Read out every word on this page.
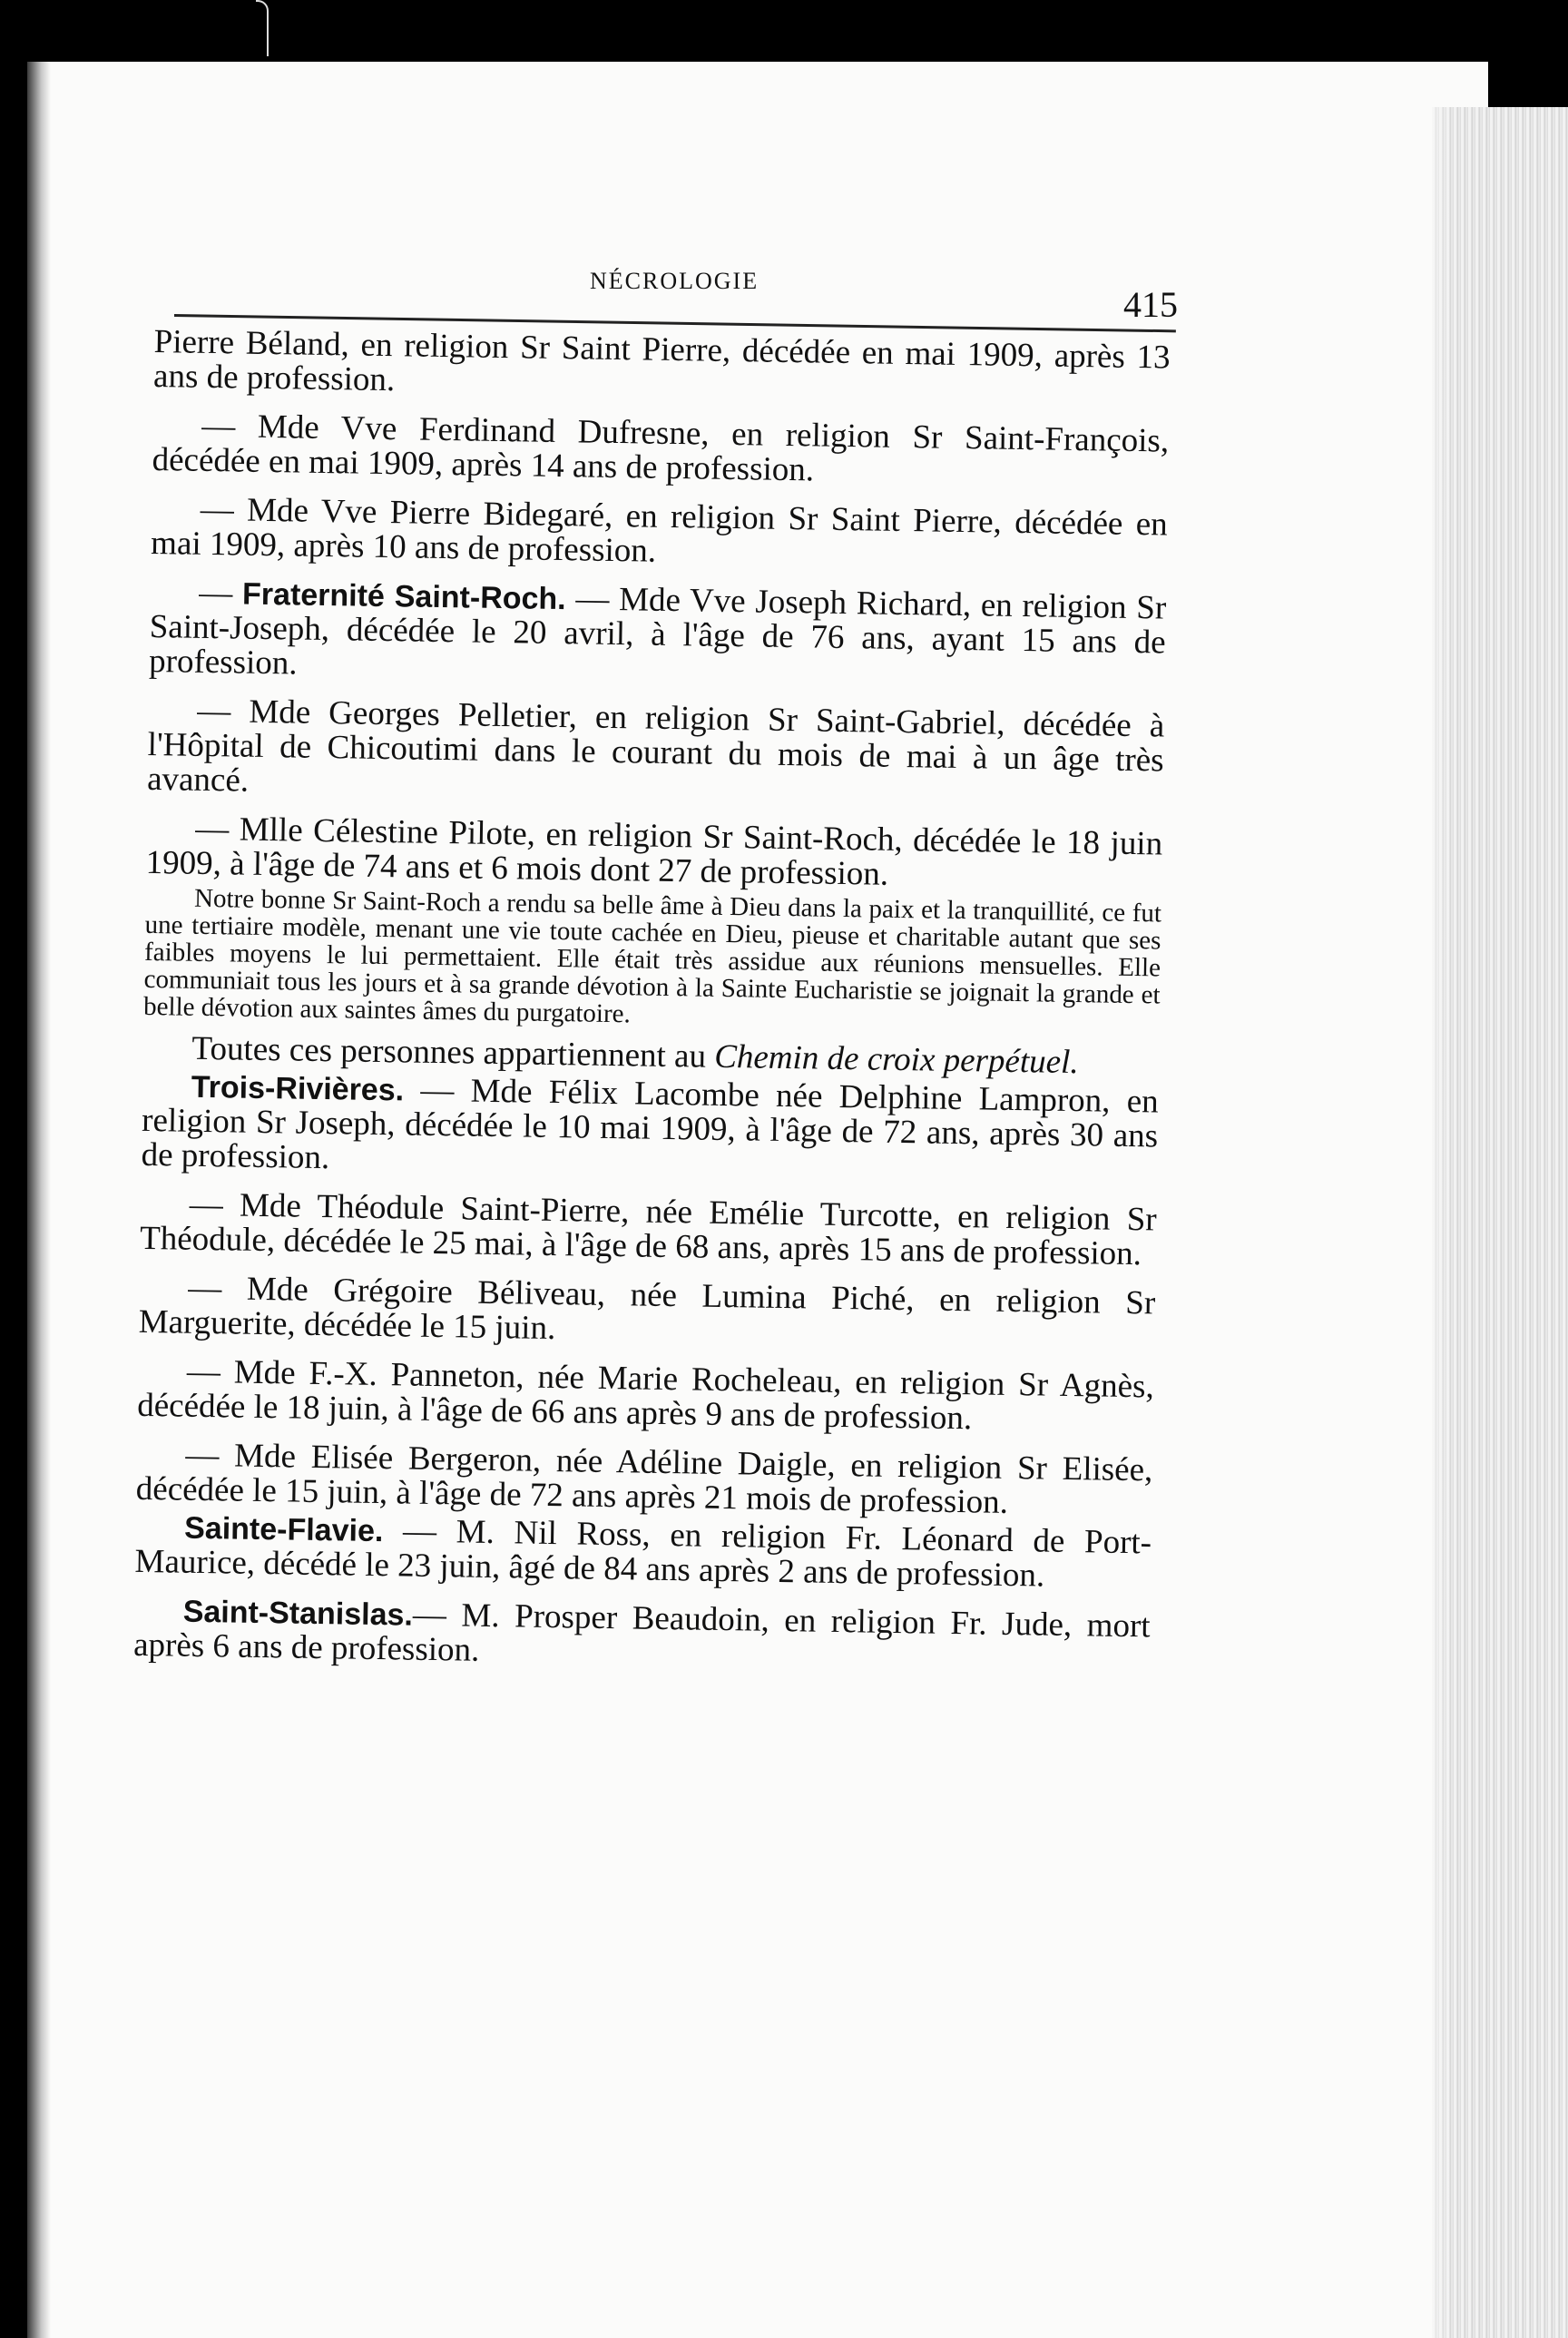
NÉCROLOGIE
415

Pierre Béland, en religion Sr Saint Pierre, décédée en mai 1909, après 13 ans de profession.

— Mde Vve Ferdinand Dufresne, en religion Sr Saint-François, décédée en mai 1909, après 14 ans de profession.

— Mde Vve Pierre Bidegaré, en religion Sr Saint Pierre, décédée en mai 1909, après 10 ans de profession.

— Fraternité Saint-Roch. — Mde Vve Joseph Richard, en religion Sr Saint-Joseph, décédée le 20 avril, à l'âge de 76 ans, ayant 15 ans de profession.

— Mde Georges Pelletier, en religion Sr Saint-Gabriel, décédée à l'Hôpital de Chicoutimi dans le courant du mois de mai à un âge très avancé.

— Mlle Célestine Pilote, en religion Sr Saint-Roch, décédée le 18 juin 1909, à l'âge de 74 ans et 6 mois dont 27 de profession.

Notre bonne Sr Saint-Roch a rendu sa belle âme à Dieu dans la paix et la tranquillité, ce fut une tertiaire modèle, menant une vie toute cachée en Dieu, pieuse et charitable autant que ses faibles moyens le lui permettaient. Elle était très assidue aux réunions mensuelles. Elle communiait tous les jours et à sa grande dévotion à la Sainte Eucharistie se joignait la grande et belle dévotion aux saintes âmes du purgatoire.

Toutes ces personnes appartiennent au Chemin de croix perpétuel.

Trois-Rivières. — Mde Félix Lacombe née Delphine Lampron, en religion Sr Joseph, décédée le 10 mai 1909, à l'âge de 72 ans, après 30 ans de profession.

— Mde Théodule Saint-Pierre, née Emélie Turcotte, en religion Sr Théodule, décédée le 25 mai, à l'âge de 68 ans, après 15 ans de profession.

— Mde Grégoire Béliveau, née Lumina Piché, en religion Sr Marguerite, décédée le 15 juin.

— Mde F.-X. Panneton, née Marie Rocheleau, en religion Sr Agnès, décédée le 18 juin, à l'âge de 66 ans après 9 ans de profession.

— Mde Elisée Bergeron, née Adéline Daigle, en religion Sr Elisée, décédée le 15 juin, à l'âge de 72 ans après 21 mois de profession.

Sainte-Flavie. — M. Nil Ross, en religion Fr. Léonard de Port-Maurice, décédé le 23 juin, âgé de 84 ans après 2 ans de profession.

Saint-Stanislas.— M. Prosper Beaudoin, en religion Fr. Jude, mort après 6 ans de profession.
